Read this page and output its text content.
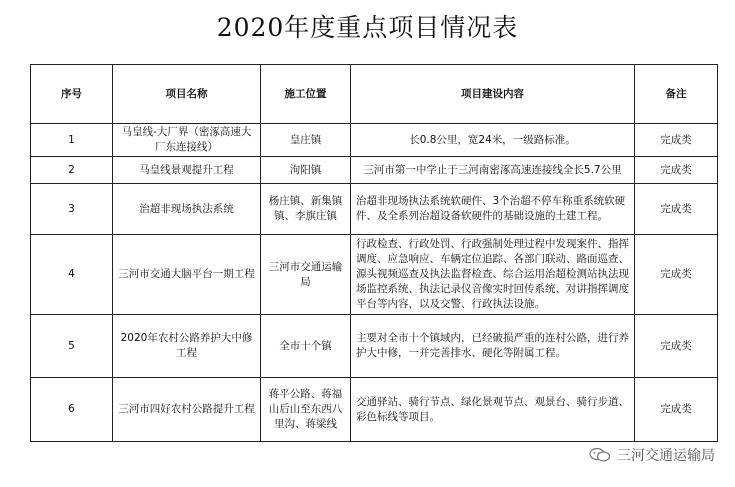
2020年度重点项目情况表
序号	项目名称	施工位置	项目建设内容	备注
1	马皇线-大厂界（密涿高速大厂东连接线）	皇庄镇	长0.8公里，宽24米，一级路标准。	完成类
2	马皇线景观提升工程	泃阳镇	三河市第一中学止于三河南密涿高速连接线全长5.7公里	完成类
3	治超非现场执法系统	杨庄镇、新集镇镇、李旗庄镇	治超非现场执法系统软硬件、3个治超不停车称重系统软硬件、及全系列治超设备软硬件的基础设施的土建工程。	完成类
4	三河市交通大脑平台一期工程	三河市交通运输局	行政检查、行政处罚、行政强制处理过程中发现案件、指挥调度、应急响应、车辆定位追踪、各部门联动、路面巡查、源头视频巡查及执法监督检查、综合运用治超检测站执法现场监控系统、执法记录仪音像实时回传系统、对讲指挥调度平台等内容，以及交警、行政执法设施。	完成类
5	2020年农村公路养护大中修工程	全市十个镇	主要对全市十个镇域内，已经破损严重的连村公路，进行养护大中修，一并完善排水、硬化等附属工程。	完成类
6	三河市四好农村公路提升工程	蒋平公路、蒋福山后山至东西八里沟、蒋梁线	交通驿站、骑行节点、绿化景观节点、观景台、骑行步道、彩色标线等项目。	完成类
三河交通运输局
